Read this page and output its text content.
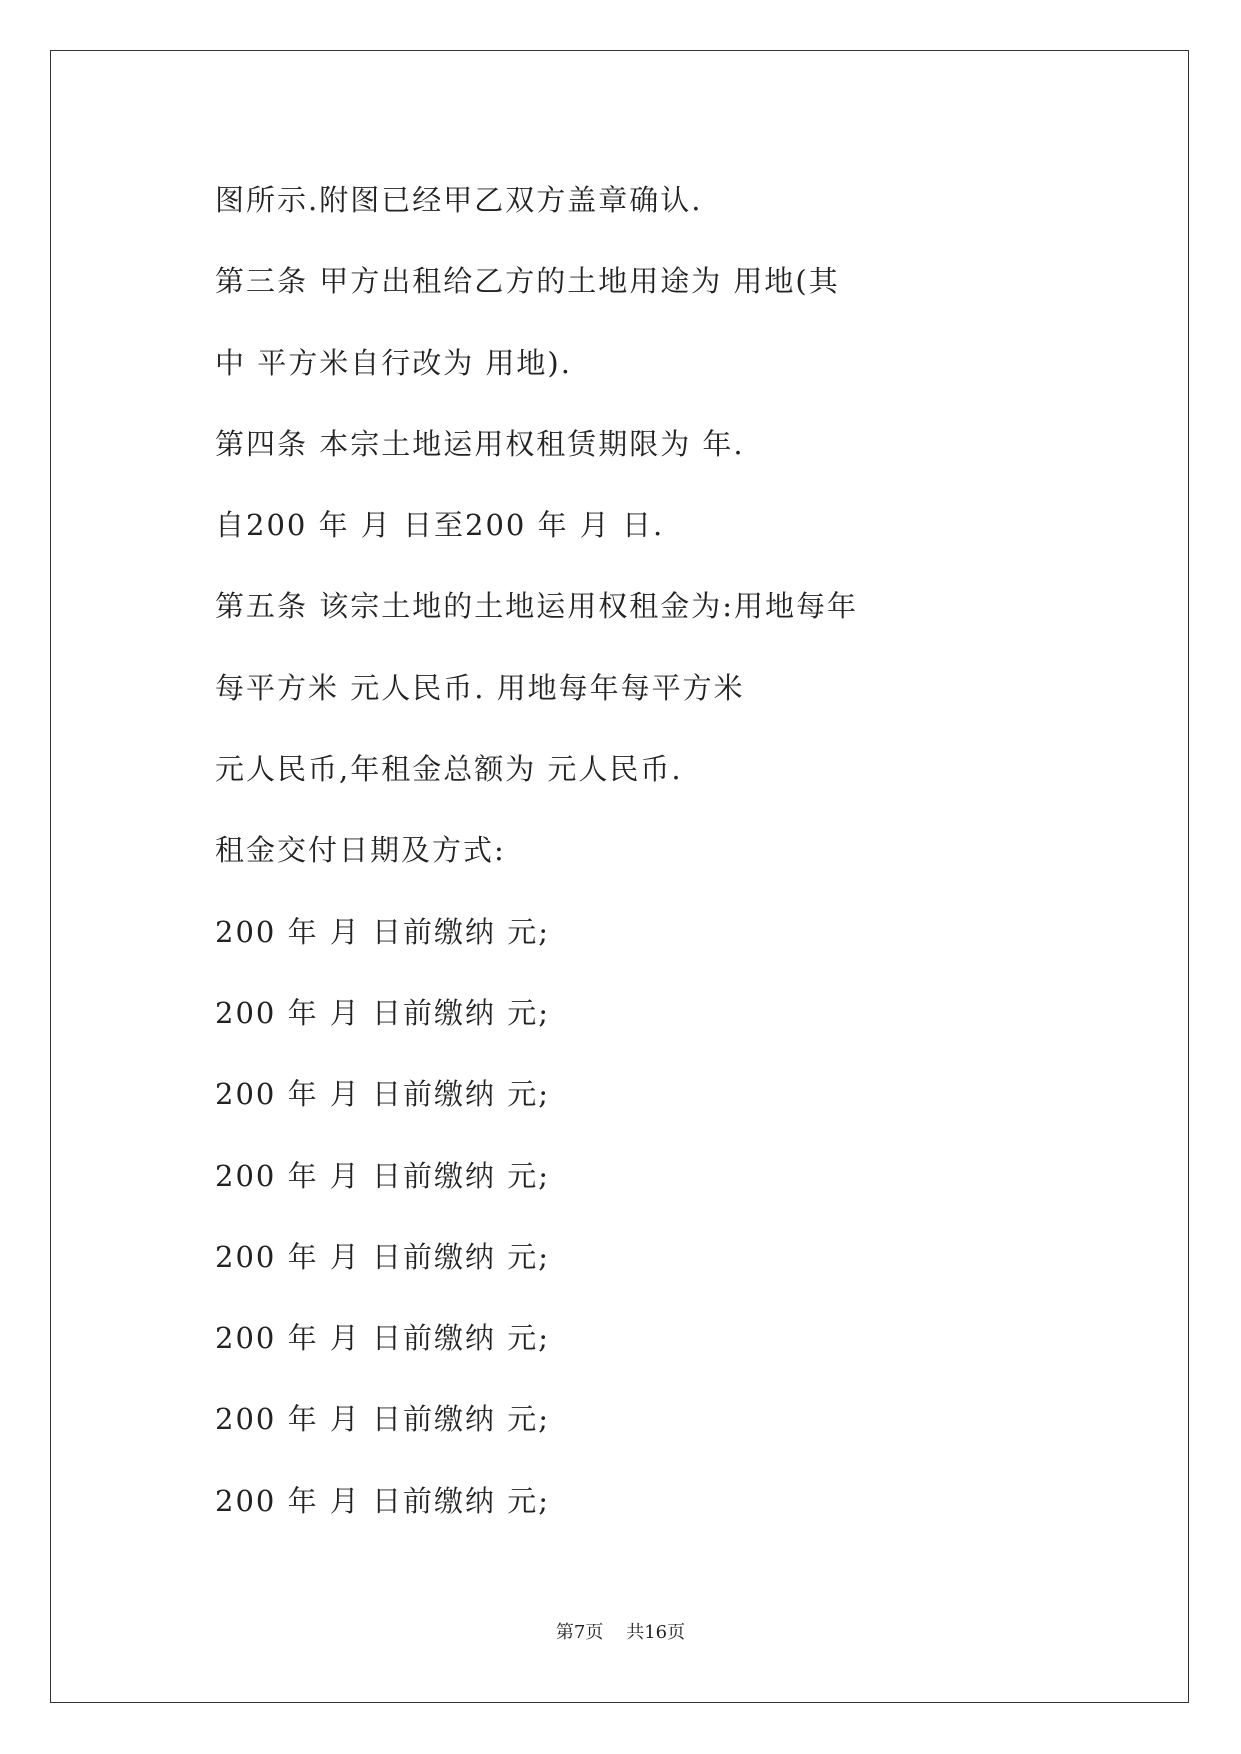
图所示.附图已经甲乙双方盖章确认.
第三条 甲方出租给乙方的土地用途为 用地(其
中 平方米自行改为 用地).
第四条 本宗土地运用权租赁期限为 年.
自200 年 月 日至200 年 月 日.
第五条 该宗土地的土地运用权租金为:用地每年
每平方米 元人民币. 用地每年每平方米
元人民币,年租金总额为 元人民币.
租金交付日期及方式:
200 年 月 日前缴纳 元;
200 年 月 日前缴纳 元;
200 年 月 日前缴纳 元;
200 年 月 日前缴纳 元;
200 年 月 日前缴纳 元;
200 年 月 日前缴纳 元;
200 年 月 日前缴纳 元;
200 年 月 日前缴纳 元;
第7页 共16页
